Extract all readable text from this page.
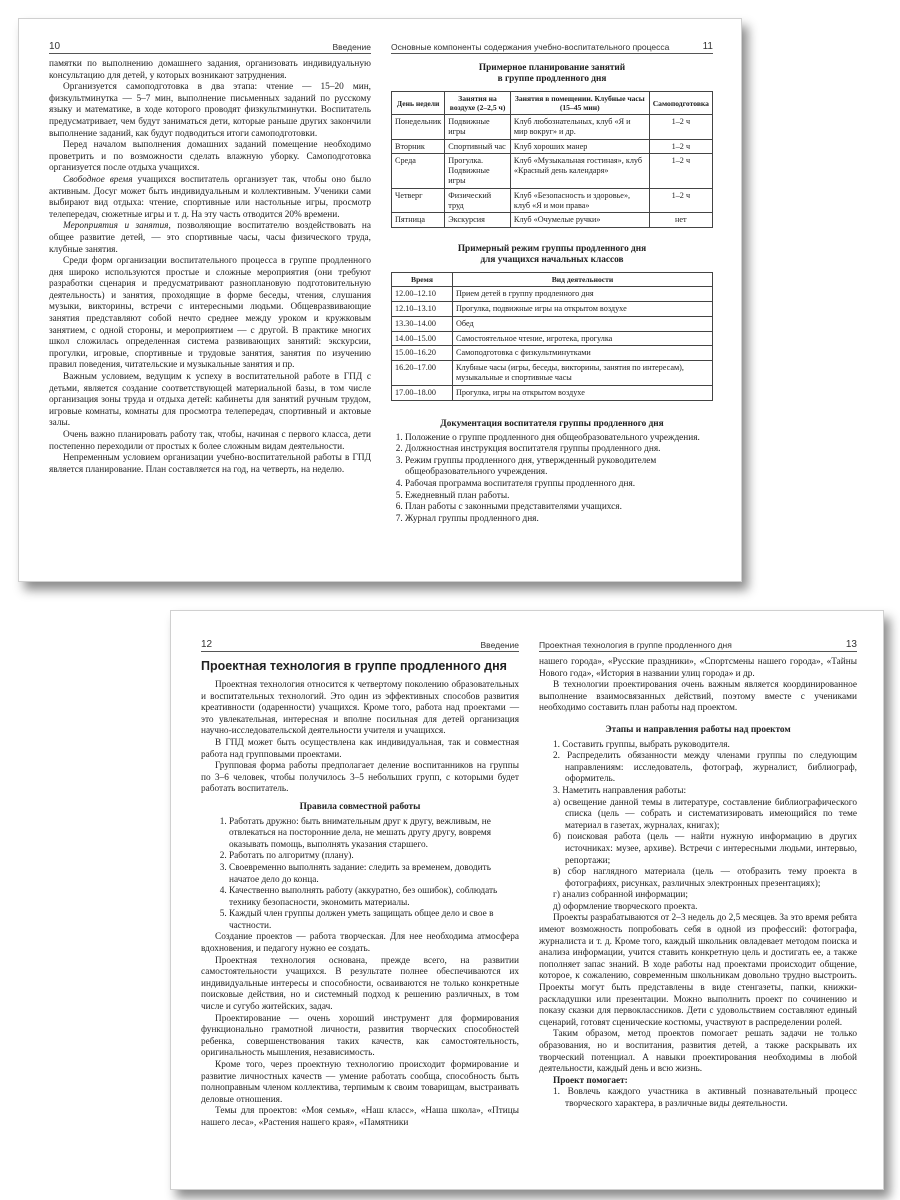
10	Введение

памятки по выполнению домашнего задания, организовать индивидуальную консультацию для детей, у которых возникают затруднения.

Организуется самоподготовка в два этапа: чтение — 15–20 мин, физкультминутка — 5–7 мин, выполнение письменных заданий по русскому языку и математике, в ходе которого проводят физкультминутки. Воспитатель предусматривает, чем будут заниматься дети, которые раньше других закончили выполнение заданий, как будут подводиться итоги самоподготовки.

Перед началом выполнения домашних заданий помещение необходимо проветрить и по возможности сделать влажную уборку. Самоподготовка организуется после отдыха учащихся.

Свободное время учащихся воспитатель организует так, чтобы оно было активным. Досуг может быть индивидуальным и коллективным. Ученики сами выбирают вид отдыха: чтение, спортивные или настольные игры, просмотр телепередач, сюжетные игры и т. д. На эту часть отводится 20% времени.

Мероприятия и занятия, позволяющие воспитателю воздействовать на общее развитие детей, — это спортивные часы, часы физического труда, клубные занятия.

Среди форм организации воспитательного процесса в группе продленного дня широко используются простые и сложные мероприятия (они требуют разработки сценария и предусматривают разноплановую подготовительную деятельность) и занятия, проходящие в форме беседы, чтения, слушания музыки, викторины, встречи с интересными людьми. Общевразвивающие занятия представляют собой нечто среднее между уроком и кружковым занятием, с одной стороны, и мероприятием — с другой. В практике многих школ сложилась определенная система развивающих занятий: экскурсии, прогулки, игровые, спортивные и трудовые занятия, занятия по изучению правил поведения, читательские и музыкальные занятия и пр.

Важным условием, ведущим к успеху в воспитательной работе в ГПД с детьми, является создание соответствующей материальной базы, в том числе организация зоны труда и отдыха детей: кабинеты для занятий ручным трудом, игровые комнаты, комнаты для просмотра телепередач, спортивный и актовые залы.

Очень важно планировать работу так, чтобы, начиная с первого класса, дети постепенно переходили от простых к более сложным видам деятельности.

Непременным условием организации учебно-воспитательной работы в ГПД является планирование. План составляется на год, на четверть, на неделю.

Основные компоненты содержания учебно-воспитательного процесса	11
Примерное планирование занятий
в группе продленного дня
День недели	Занятия на воздухе (2–2,5 ч)	Занятия в помещении. Клубные часы (15–45 мин)	Самоподготовка
Понедельник	Подвижные игры	Клуб любознательных, клуб «Я и мир вокруг» и др.	1–2 ч
Вторник	Спортивный час	Клуб хороших манер	1–2 ч
Среда	Прогулка. Подвижные игры	Клуб «Музыкальная гостиная», клуб «Красный день календаря»	1–2 ч
Четверг	Физический труд	Клуб «Безопасность и здоровье», клуб «Я и мои права»	1–2 ч
Пятница	Экскурсия	Клуб «Очумелые ручки»	нет
Примерный режим группы продленного дня
для учащихся начальных классов
Время	Вид деятельности
12.00–12.10	Прием детей в группу продленного дня
12.10–13.10	Прогулка, подвижные игры на открытом воздухе
13.30–14.00	Обед
14.00–15.00	Самостоятельное чтение, игротека, прогулка
15.00–16.20	Самоподготовка с физкультминутками
16.20–17.00	Клубные часы (игры, беседы, викторины, занятия по интересам), музыкальные и спортивные часы
17.00–18.00	Прогулка, игры на открытом воздухе
Документация воспитателя группы продленного дня
1. Положение о группе продленного дня общеобразовательного учреждения.
2. Должностная инструкция воспитателя группы продленного дня.
3. Режим группы продленного дня, утвержденный руководителем общеобразовательного учреждения.
4. Рабочая программа воспитателя группы продленного дня.
5. Ежедневный план работы.
6. План работы с законными представителями учащихся.
7. Журнал группы продленного дня.
12	Введение
Проектная технология в группе продленного дня

Проектная технология относится к четвертому поколению образовательных и воспитательных технологий. Это один из эффективных способов развития креативности (одаренности) учащихся. Кроме того, работа над проектами — это увлекательная, интересная и вполне посильная для детей организация научно-исследовательской деятельности учителя и учащихся.

В ГПД может быть осуществлена как индивидуальная, так и совместная работа над групповыми проектами.

Групповая форма работы предполагает деление воспитанников на группы по 3–6 человек, чтобы получилось 3–5 небольших групп, с которыми будет работать воспитатель.

Правила совместной работы
1. Работать дружно: быть внимательным друг к другу, вежливым, не отвлекаться на посторонние дела, не мешать другу другу, вовремя оказывать помощь, выполнять указания старшего.
2. Работать по алгоритму (плану).
3. Своевременно выполнять задание: следить за временем, доводить начатое дело до конца.
4. Качественно выполнять работу (аккуратно, без ошибок), соблюдать технику безопасности, экономить материалы.
5. Каждый член группы должен уметь защищать общее дело и свое в частности.

Создание проектов — работа творческая. Для нее необходима атмосфера вдохновения, и педагогу нужно ее создать.

Проектная технология основана, прежде всего, на развитии самостоятельности учащихся. В результате полнее обеспечиваются их индивидуальные интересы и способности, осваиваются не только конкретные поисковые действия, но и системный подход к решению различных, в том числе и сугубо житейских, задач.

Проектирование — очень хороший инструмент для формирования функционально грамотной личности, развития творческих способностей ребенка, совершенствования таких качеств, как самостоятельность, оригинальность мышления, независимость.

Кроме того, через проектную технологию происходит формирование и развитие личностных качеств — умение работать сообща, способность быть полноправным членом коллектива, терпимым к своим товарищам, выстраивать деловые отношения.

Темы для проектов: «Моя семья», «Наш класс», «Наша школа», «Птицы нашего леса», «Растения нашего края», «Памятники

Проектная технология в группе продленного дня	13

нашего города», «Русские праздники», «Спортсмены нашего города», «Тайны Нового года», «История в названии улиц города» и др.

В технологии проектирования очень важным является координированное выполнение взаимосвязанных действий, поэтому вместе с учениками необходимо составить план работы над проектом.

Этапы и направления работы над проектом
1. Составить группы, выбрать руководителя.
2. Распределить обязанности между членами группы по следующим направлениям: исследователь, фотограф, журналист, библиограф, оформитель.
3. Наметить направления работы:
а) освещение данной темы в литературе, составление библиографического списка (цель — собрать и систематизировать имеющийся по теме материал в газетах, журналах, книгах);
б) поисковая работа (цель — найти нужную информацию в других источниках: музее, архиве). Встречи с интересными людьми, интервью, репортажи;
в) сбор наглядного материала (цель — отобразить тему проекта в фотографиях, рисунках, различных электронных презентациях);
г) анализ собранной информации;
д) оформление творческого проекта.

Проекты разрабатываются от 2–3 недель до 2,5 месяцев. За это время ребята имеют возможность попробовать себя в одной из профессий: фотографа, журналиста и т. д. Кроме того, каждый школьник овладевает методом поиска и анализа информации, учится ставить конкретную цель и достигать ее, а также пополняет запас знаний. В ходе работы над проектами происходит общение, которое, к сожалению, современным школьникам довольно трудно выстроить. Проекты могут быть представлены в виде стенгазеты, папки, книжки-раскладушки или презентации. Можно выполнить проект по сочинению и показу сказки для первоклассников. Дети с удовольствием составляют единый сценарий, готовят сценические костюмы, участвуют в распределении ролей.

Таким образом, метод проектов помогает решать задачи не только образования, но и воспитания, развития детей, а также раскрывать их творческий потенциал. А навыки проектирования необходимы в любой деятельности, каждый день и всю жизнь.

Проект помогает:

1. Вовлечь каждого участника в активный познавательный процесс творческого характера, в различные виды деятельности.
